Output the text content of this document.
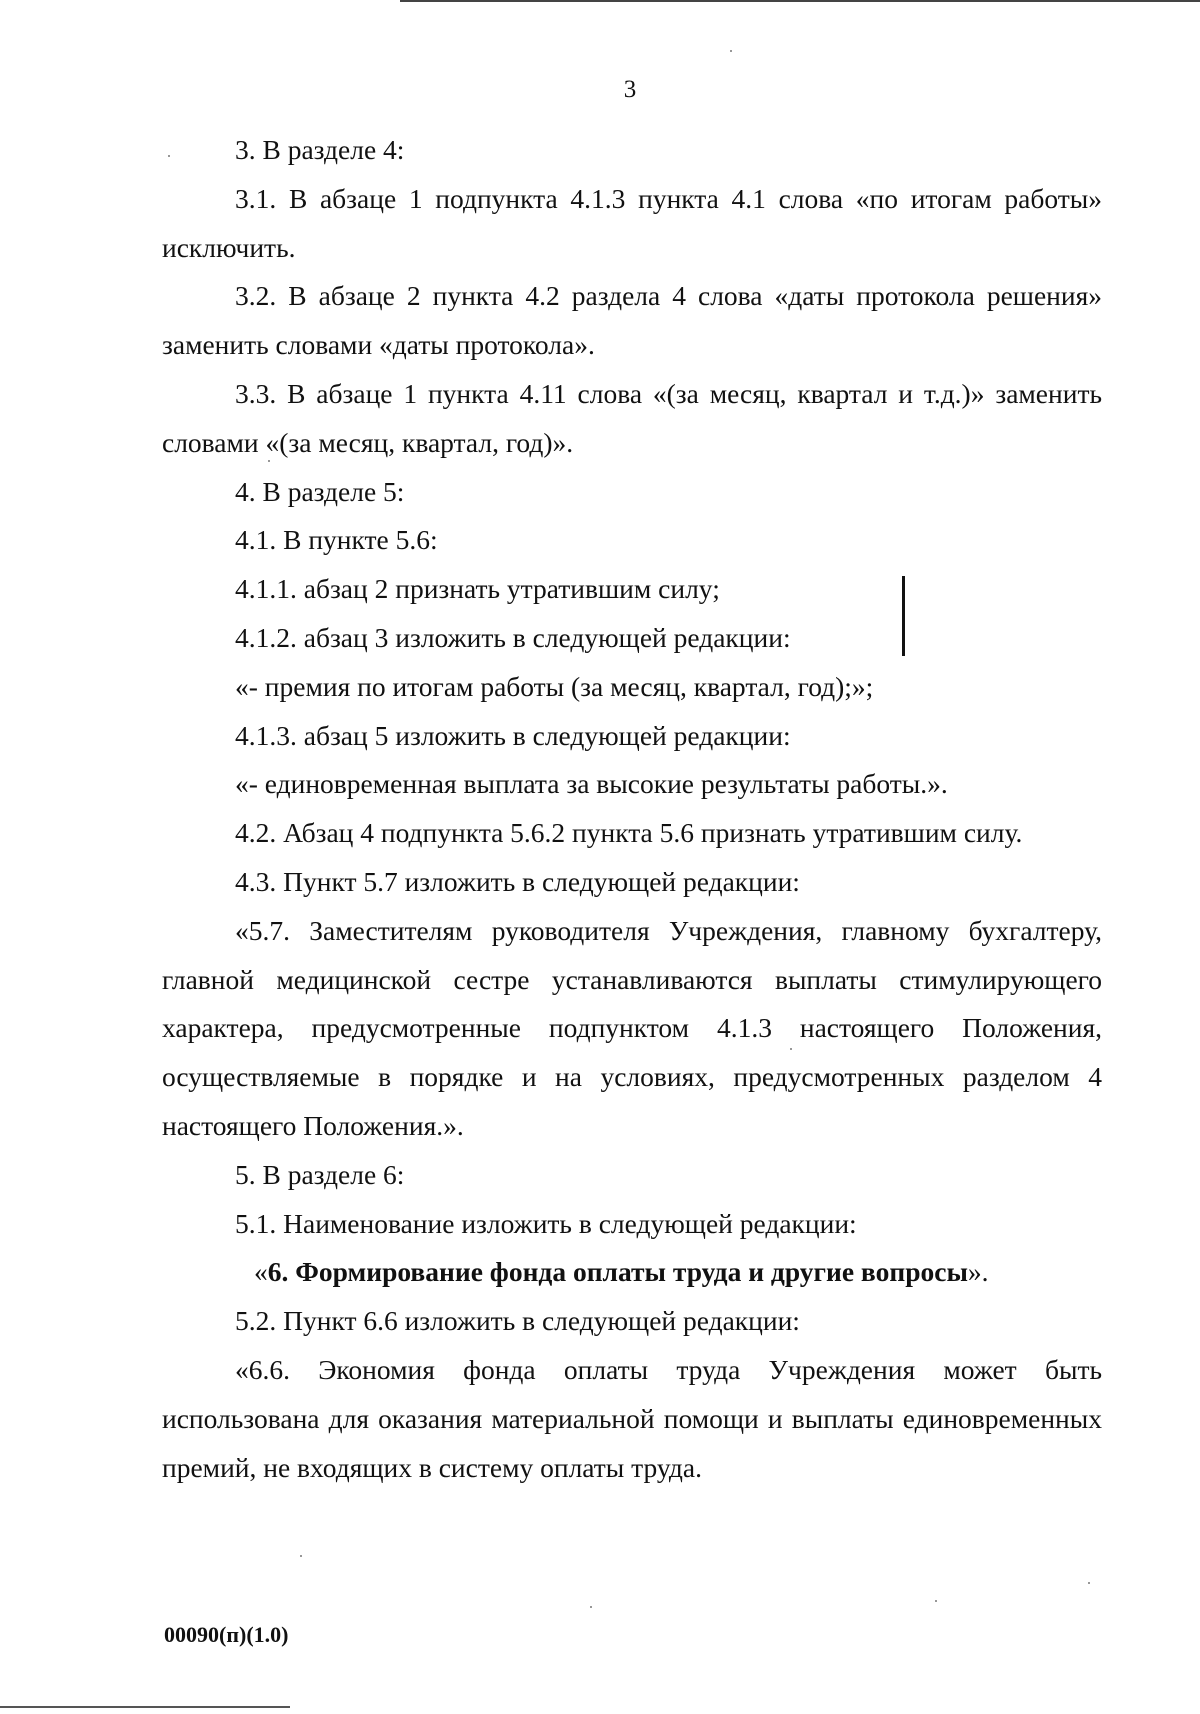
3

3. В разделе 4:

3.1. В абзаце 1 подпункта 4.1.3 пункта 4.1 слова «по итогам работы» исключить.

3.2. В абзаце 2 пункта 4.2 раздела 4 слова «даты протокола решения» заменить словами «даты протокола».

3.3. В абзаце 1 пункта 4.11 слова «(за месяц, квартал и т.д.)» заменить словами «(за месяц, квартал, год)».

4. В разделе 5:

4.1. В пункте 5.6:

4.1.1. абзац 2 признать утратившим силу;

4.1.2. абзац 3 изложить в следующей редакции:

«- премия по итогам работы (за месяц, квартал, год);»;

4.1.3. абзац 5 изложить в следующей редакции:

«- единовременная выплата за высокие результаты работы.».

4.2. Абзац 4 подпункта 5.6.2 пункта 5.6 признать утратившим силу.

4.3. Пункт 5.7 изложить в следующей редакции:

«5.7. Заместителям руководителя Учреждения, главному бухгалтеру, главной медицинской сестре устанавливаются выплаты стимулирующего характера, предусмотренные подпунктом 4.1.3 настоящего Положения, осуществляемые в порядке и на условиях, предусмотренных разделом 4 настоящего Положения.».

5. В разделе 6:

5.1. Наименование изложить в следующей редакции:

«6. Формирование фонда оплаты труда и другие вопросы».

5.2. Пункт 6.6 изложить в следующей редакции:

«6.6. Экономия фонда оплаты труда Учреждения может быть использована для оказания материальной помощи и выплаты единовременных премий, не входящих в систему оплаты труда.

00090(п)(1.0)
